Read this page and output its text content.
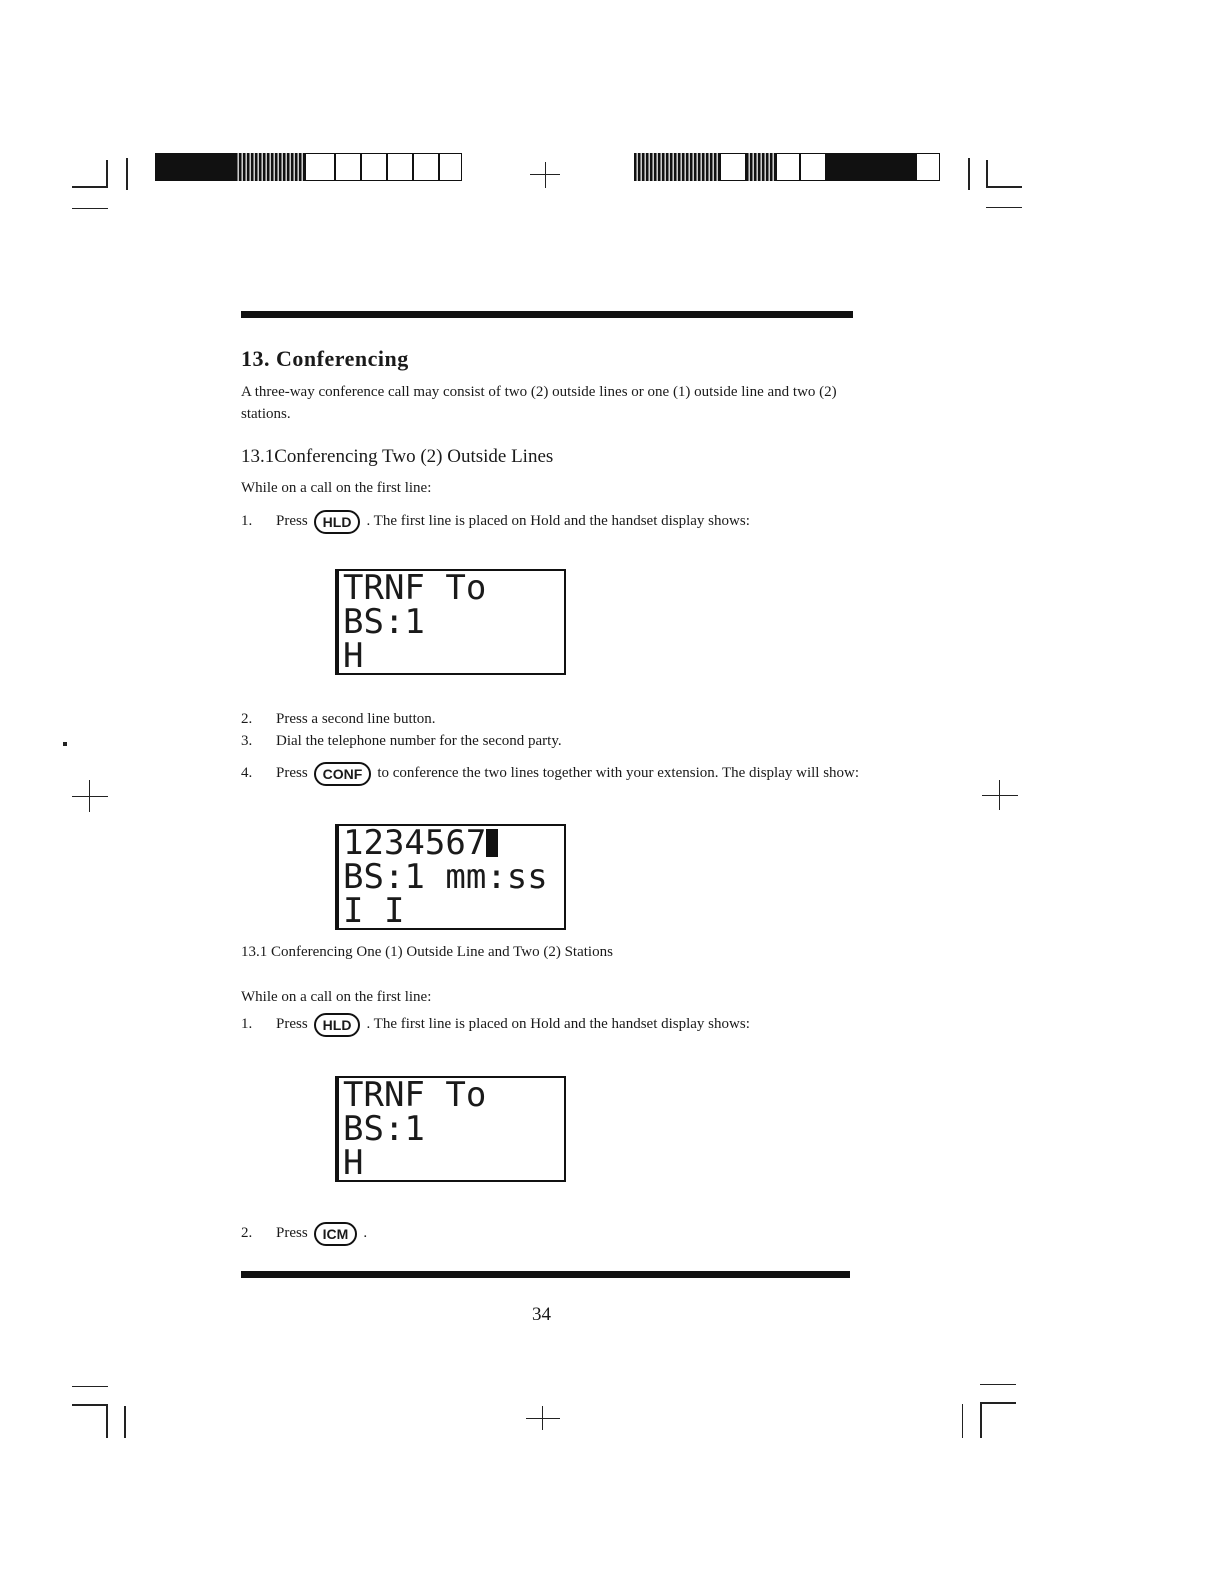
13. Conferencing
A three-way conference call may consist of two (2) outside lines or one (1) outside line and two (2) stations.
13.1Conferencing Two (2) Outside Lines
While on a call on the first line:
1.	Press HLD . The first line is placed on Hold and the handset display shows:
TRNF To
BS:1
H
2.	Press a second line button.
3.	Dial the telephone number for the second party.
4.	Press CONF to conference the two lines together with your extension. The display will show:
1234567
BS:1 mm:ss
I I
13.1 Conferencing One (1) Outside Line and Two (2) Stations
While on a call on the first line:
1.	Press HLD . The first line is placed on Hold and the handset display shows:
TRNF To
BS:1
H
2.	Press ICM .
34
